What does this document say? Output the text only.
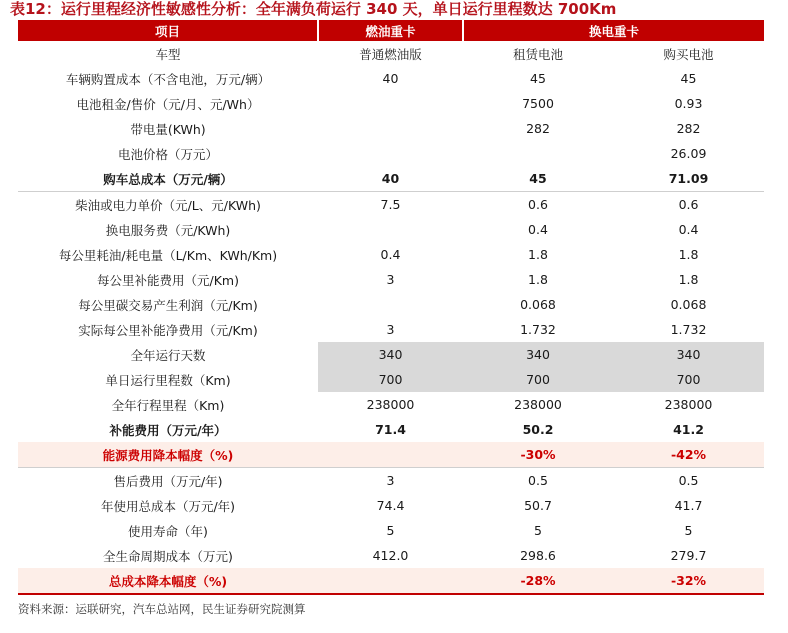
表12：运行里程经济性敏感性分析：全年满负荷运行 340 天，单日运行里程数达 700Km
项目	燃油重卡	换电重卡	
车型	普通燃油版	租赁电池	购买电池
车辆购置成本（不含电池，万元/辆）	40	45	45
电池租金/售价（元/月、元/Wh）		7500	0.93
带电量(KWh)		282	282
电池价格（万元）			26.09
购车总成本（万元/辆）	40	45	71.09
柴油或电力单价（元/L、元/KWh)	7.5	0.6	0.6
换电服务费（元/KWh)		0.4	0.4
每公里耗油/耗电量（L/Km、KWh/Km)	0.4	1.8	1.8
每公里补能费用（元/Km)	3	1.8	1.8
每公里碳交易产生利润（元/Km)		0.068	0.068
实际每公里补能净费用（元/Km)	3	1.732	1.732
全年运行天数	340	340	340
单日运行里程数（Km)	700	700	700
全年行程里程（Km)	238000	238000	238000
补能费用（万元/年）	71.4	50.2	41.2
能源费用降本幅度（%)		-30%	-42%
售后费用（万元/年)	3	0.5	0.5
年使用总成本（万元/年)	74.4	50.7	41.7
使用寿命（年)	5	5	5
全生命周期成本（万元)	412.0	298.6	279.7
总成本降本幅度（%)		-28%	-32%
资料来源：运联研究，汽车总站网，民生证券研究院测算
